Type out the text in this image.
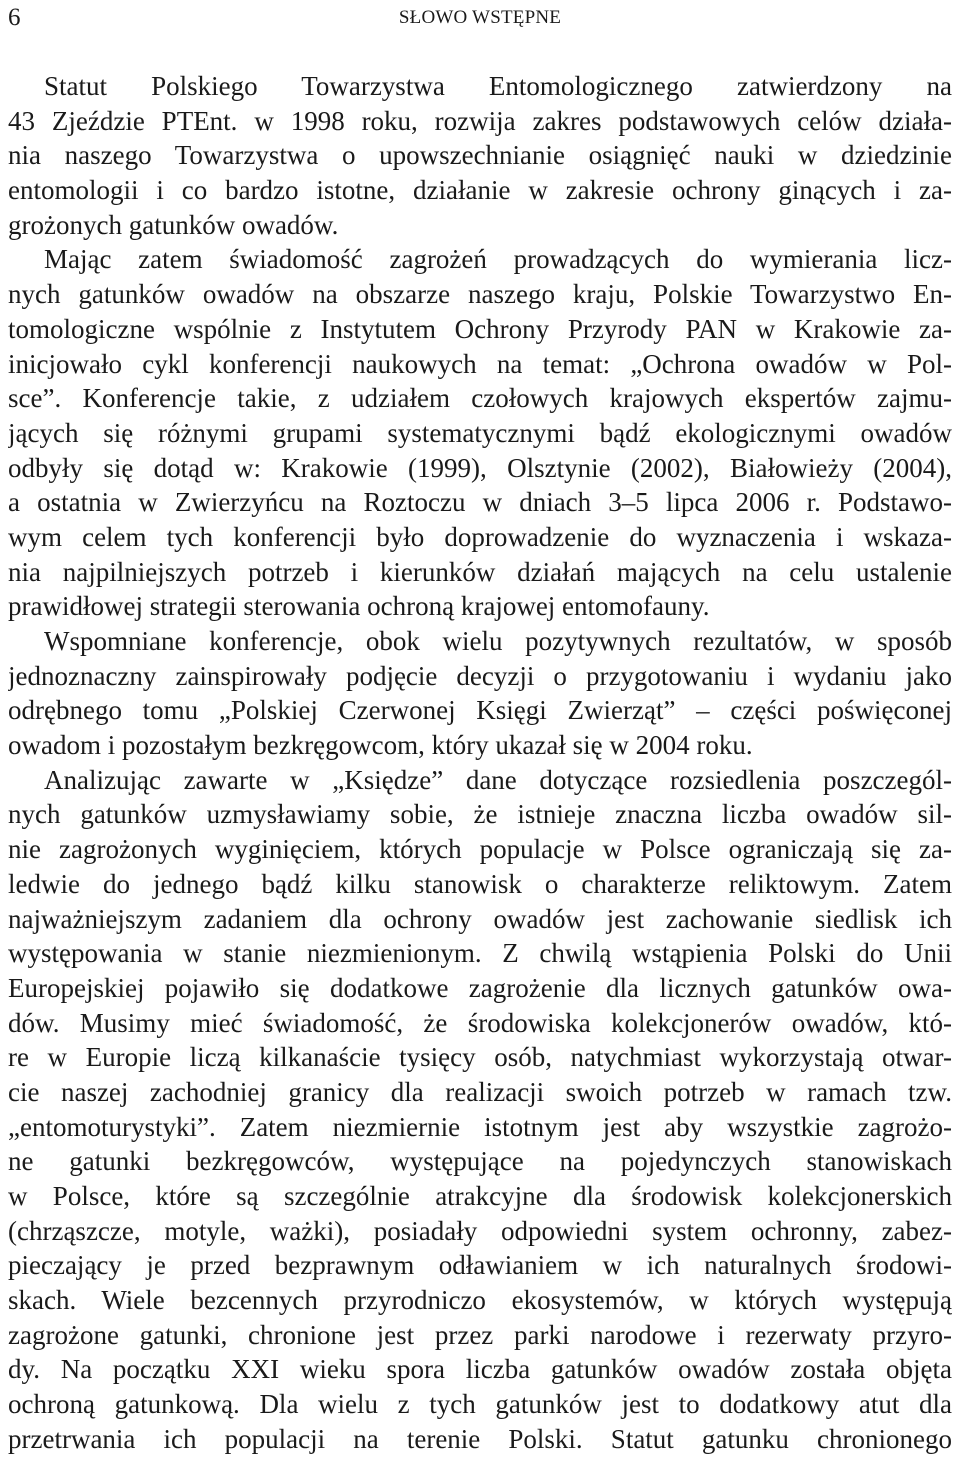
6	SŁOWO WSTĘPNE
Statut Polskiego Towarzystwa Entomologicznego zatwierdzony na
43 Zjeździe PTEnt. w 1998 roku, rozwija zakres podstawowych celów działa-
nia naszego Towarzystwa o upowszechnianie osiągnięć nauki w dziedzinie
entomologii i co bardzo istotne, działanie w zakresie ochrony ginących i za-
grożonych gatunków owadów.
Mając zatem świadomość zagrożeń prowadzących do wymierania licz-
nych gatunków owadów na obszarze naszego kraju, Polskie Towarzystwo En-
tomologiczne wspólnie z Instytutem Ochrony Przyrody PAN w Krakowie za-
inicjowało cykl konferencji naukowych na temat: „Ochrona owadów w Pol-
sce”. Konferencje takie, z udziałem czołowych krajowych ekspertów zajmu-
jących się różnymi grupami systematycznymi bądź ekologicznymi owadów
odbyły się dotąd w: Krakowie (1999), Olsztynie (2002), Białowieży (2004),
a ostatnia w Zwierzyńcu na Roztoczu w dniach 3–5 lipca 2006 r. Podstawo-
wym celem tych konferencji było doprowadzenie do wyznaczenia i wskaza-
nia najpilniejszych potrzeb i kierunków działań mających na celu ustalenie
prawidłowej strategii sterowania ochroną krajowej entomofauny.
Wspomniane konferencje, obok wielu pozytywnych rezultatów, w sposób
jednoznaczny zainspirowały podjęcie decyzji o przygotowaniu i wydaniu jako
odrębnego tomu „Polskiej Czerwonej Księgi Zwierząt” – części poświęconej
owadom i pozostałym bezkręgowcom, który ukazał się w 2004 roku.
Analizując zawarte w „Księdze” dane dotyczące rozsiedlenia poszczegól-
nych gatunków uzmysławiamy sobie, że istnieje znaczna liczba owadów sil-
nie zagrożonych wyginięciem, których populacje w Polsce ograniczają się za-
ledwie do jednego bądź kilku stanowisk o charakterze reliktowym. Zatem
najważniejszym zadaniem dla ochrony owadów jest zachowanie siedlisk ich
występowania w stanie niezmienionym. Z chwilą wstąpienia Polski do Unii
Europejskiej pojawiło się dodatkowe zagrożenie dla licznych gatunków owa-
dów. Musimy mieć świadomość, że środowiska kolekcjonerów owadów, któ-
re w Europie liczą kilkanaście tysięcy osób, natychmiast wykorzystają otwar-
cie naszej zachodniej granicy dla realizacji swoich potrzeb w ramach tzw.
„entomoturystyki”. Zatem niezmiernie istotnym jest aby wszystkie zagrożo-
ne gatunki bezkręgowców, występujące na pojedynczych stanowiskach
w Polsce, które są szczególnie atrakcyjne dla środowisk kolekcjonerskich
(chrząszcze, motyle, ważki), posiadały odpowiedni system ochronny, zabez-
pieczający je przed bezprawnym odławianiem w ich naturalnych środowi-
skach. Wiele bezcennych przyrodniczo ekosystemów, w których występują
zagrożone gatunki, chronione jest przez parki narodowe i rezerwaty przyro-
dy. Na początku XXI wieku spora liczba gatunków owadów została objęta
ochroną gatunkową. Dla wielu z tych gatunków jest to dodatkowy atut dla
przetrwania ich populacji na terenie Polski. Statut gatunku chronionego
